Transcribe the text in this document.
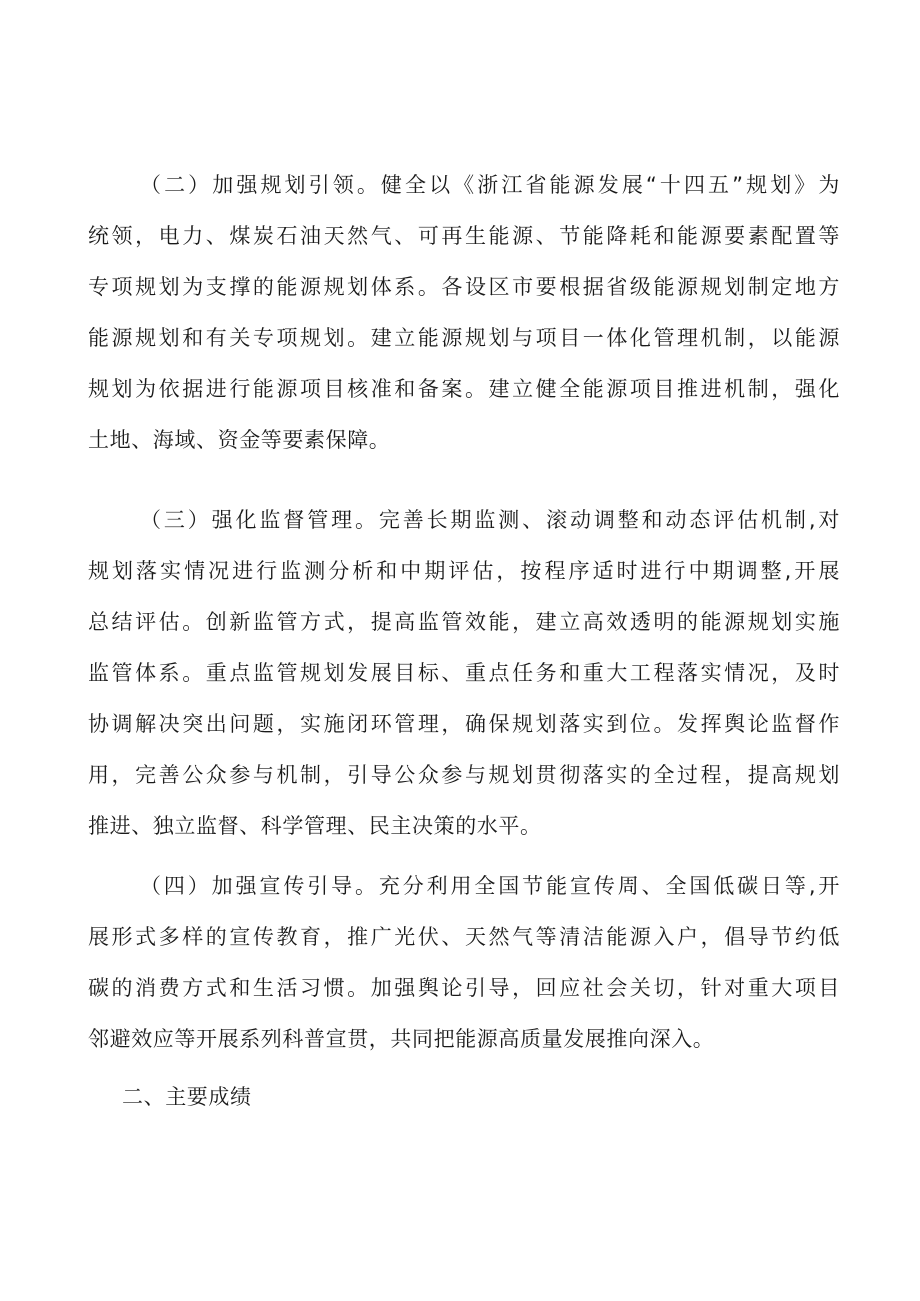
（二）加强规划引领。健全以《浙江省能源发展“十四五”规划》为
统领，电力、煤炭石油天然气、可再生能源、节能降耗和能源要素配置等
专项规划为支撑的能源规划体系。各设区市要根据省级能源规划制定地方
能源规划和有关专项规划。建立能源规划与项目一体化管理机制，以能源
规划为依据进行能源项目核准和备案。建立健全能源项目推进机制，强化
土地、海域、资金等要素保障。
（三）强化监督管理。完善长期监测、滚动调整和动态评估机制,对
规划落实情况进行监测分析和中期评估，按程序适时进行中期调整,开展
总结评估。创新监管方式，提高监管效能，建立高效透明的能源规划实施
监管体系。重点监管规划发展目标、重点任务和重大工程落实情况，及时
协调解决突出问题，实施闭环管理，确保规划落实到位。发挥舆论监督作
用，完善公众参与机制，引导公众参与规划贯彻落实的全过程，提高规划
推进、独立监督、科学管理、民主决策的水平。
（四）加强宣传引导。充分利用全国节能宣传周、全国低碳日等,开
展形式多样的宣传教育，推广光伏、天然气等清洁能源入户，倡导节约低
碳的消费方式和生活习惯。加强舆论引导，回应社会关切，针对重大项目
邻避效应等开展系列科普宣贯，共同把能源高质量发展推向深入。
二、主要成绩
